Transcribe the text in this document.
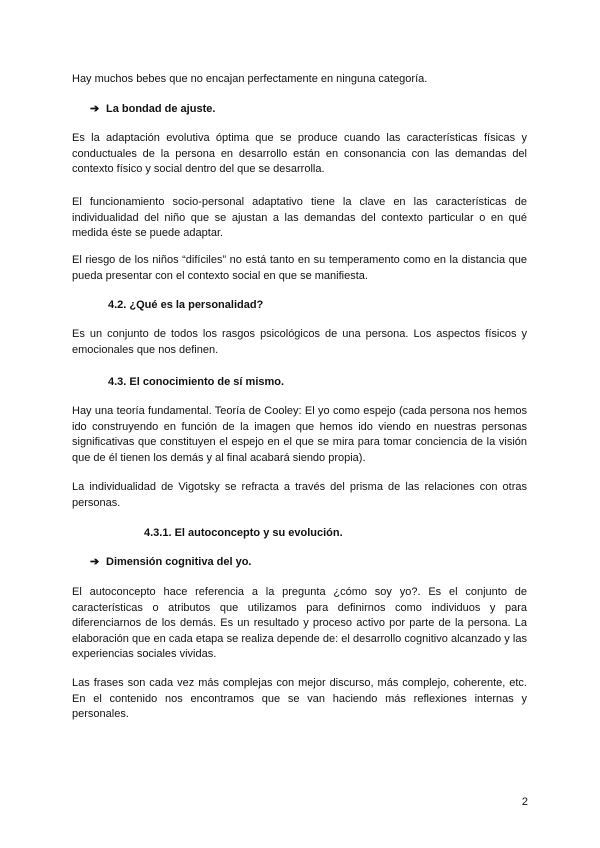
Hay muchos bebes que no encajan perfectamente en ninguna categoría.

➔ La bondad de ajuste.

Es la adaptación evolutiva óptima que se produce cuando las características físicas y conductuales de la persona en desarrollo están en consonancia con las demandas del contexto físico y social dentro del que se desarrolla.

El funcionamiento socio-personal adaptativo tiene la clave en las características de individualidad del niño que se ajustan a las demandas del contexto particular o en qué medida éste se puede adaptar.

El riesgo de los niños “difíciles” no está tanto en su temperamento como en la distancia que pueda presentar con el contexto social en que se manifiesta.

4.2. ¿Qué es la personalidad?

Es un conjunto de todos los rasgos psicológicos de una persona. Los aspectos físicos y emocionales que nos definen.

4.3. El conocimiento de sí mismo.

Hay una teoría fundamental. Teoría de Cooley: El yo como espejo (cada persona nos hemos ido construyendo en función de la imagen que hemos ido viendo en nuestras personas significativas que constituyen el espejo en el que se mira para tomar conciencia de la visión que de él tienen los demás y al final acabará siendo propia).

La individualidad de Vigotsky se refracta a través del prisma de las relaciones con otras personas.

4.3.1. El autoconcepto y su evolución.
➔ Dimensión cognitiva del yo.

El autoconcepto hace referencia a la pregunta ¿cómo soy yo?. Es el conjunto de características o atributos que utilizamos para definirnos como individuos y para diferenciarnos de los demás. Es un resultado y proceso activo por parte de la persona. La elaboración que en cada etapa se realiza depende de: el desarrollo cognitivo alcanzado y las experiencias sociales vividas.

Las frases son cada vez más complejas con mejor discurso, más complejo, coherente, etc. En el contenido nos encontramos que se van haciendo más reflexiones internas y personales.

2
